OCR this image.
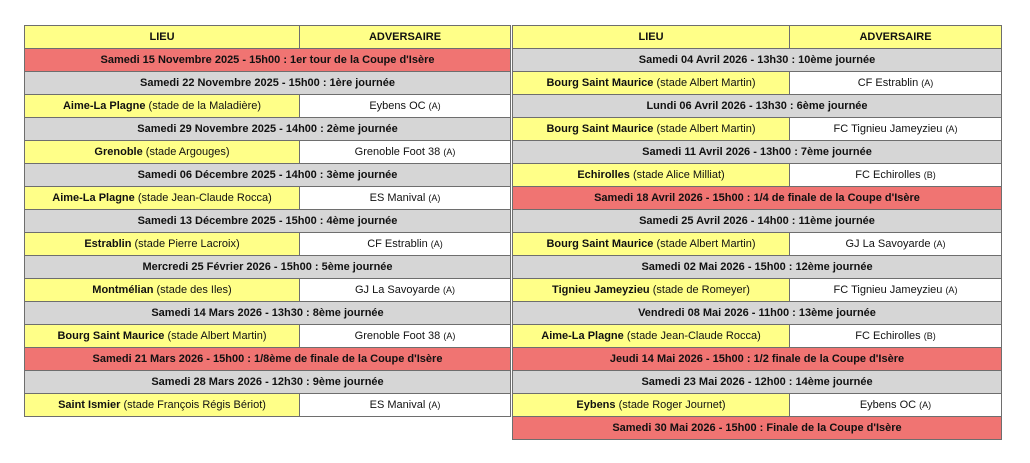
LIEU	ADVERSAIRE
Samedi 15 Novembre 2025 - 15h00 : 1er tour de la Coupe d'Isère	
Samedi 22 Novembre 2025 - 15h00 : 1ère journée	
Aime-La Plagne (stade de la Maladière)	Eybens OC (A)
Samedi 29 Novembre 2025 - 14h00 : 2ème journée	
Grenoble (stade Argouges)	Grenoble Foot 38 (A)
Samedi 06 Décembre 2025 - 14h00 : 3ème journée	
Aime-La Plagne (stade Jean-Claude Rocca)	ES Manival (A)
Samedi 13 Décembre 2025 - 15h00 : 4ème journée	
Estrablin (stade Pierre Lacroix)	CF Estrablin (A)
Mercredi 25 Février 2026 - 15h00 : 5ème journée	
Montmélian (stade des Iles)	GJ La Savoyarde (A)
Samedi 14 Mars 2026 - 13h30 : 8ème journée	
Bourg Saint Maurice (stade Albert Martin)	Grenoble Foot 38 (A)
Samedi 21 Mars 2026 - 15h00 : 1/8ème de finale de la Coupe d'Isère	
Samedi 28 Mars 2026 - 12h30 : 9ème journée	
Saint Ismier (stade François Régis Bériot)	ES Manival (A)
LIEU	ADVERSAIRE
Samedi 04 Avril 2026 - 13h30 : 10ème journée	
Bourg Saint Maurice (stade Albert Martin)	CF Estrablin (A)
Lundi 06 Avril 2026 - 13h30 : 6ème journée	
Bourg Saint Maurice (stade Albert Martin)	FC Tignieu Jameyzieu (A)
Samedi 11 Avril 2026 - 13h00 : 7ème journée	
Echirolles (stade Alice Milliat)	FC Echirolles (B)
Samedi 18 Avril 2026 - 15h00 : 1/4 de finale de la Coupe d'Isère	
Samedi 25 Avril 2026 - 14h00 : 11ème journée	
Bourg Saint Maurice (stade Albert Martin)	GJ La Savoyarde (A)
Samedi 02 Mai 2026 - 15h00 : 12ème journée	
Tignieu Jameyzieu (stade de Romeyer)	FC Tignieu Jameyzieu (A)
Vendredi 08 Mai 2026 - 11h00 : 13ème journée	
Aime-La Plagne (stade Jean-Claude Rocca)	FC Echirolles (B)
Jeudi 14 Mai 2026 - 15h00 : 1/2 finale de la Coupe d'Isère	
Samedi 23 Mai 2026 - 12h00 : 14ème journée	
Eybens (stade Roger Journet)	Eybens OC (A)
Samedi 30 Mai 2026 - 15h00 : Finale de la Coupe d'Isère	
